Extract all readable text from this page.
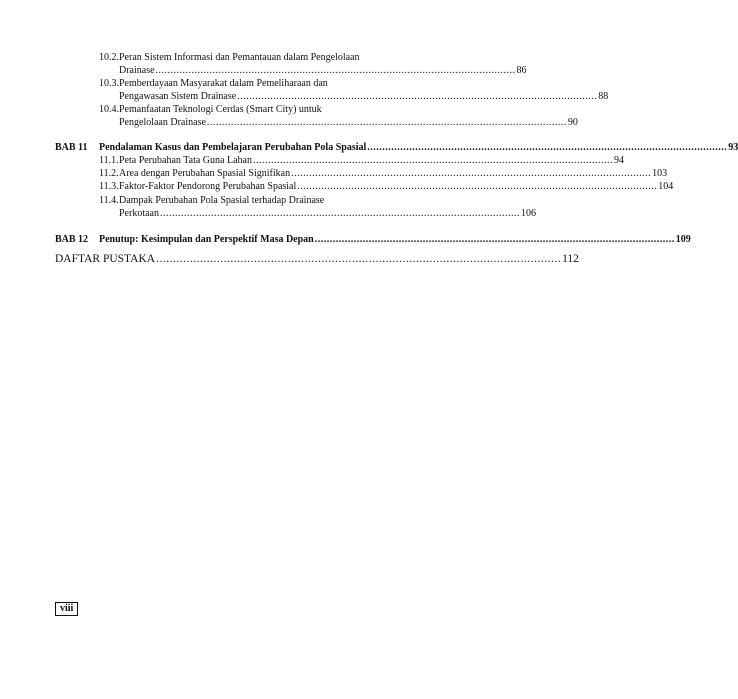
10.2. Peran Sistem Informasi dan Pemantauan dalam Pengelolaan
Drainase ........................................................................................................................ 86
10.3. Pemberdayaan Masyarakat dalam Pemeliharaan dan
Pengawasan Sistem Drainase ........................................................................................................................ 88
10.4. Pemanfaatan Teknologi Cerdas (Smart City) untuk
Pengelolaan Drainase ........................................................................................................................ 90
BAB 11 Pendalaman Kasus dan Pembelajaran Perubahan Pola Spasial ........................................................................................................................ 93
11.1. Peta Perubahan Tata Guna Lahan ........................................................................................................................ 94
11.2. Area dengan Perubahan Spasial Signifikan ........................................................................................................................ 103
11.3. Faktor-Faktor Pendorong Perubahan Spasial ........................................................................................................................ 104
11.4. Dampak Perubahan Pola Spasial terhadap Drainase
Perkotaan ........................................................................................................................ 106
BAB 12 Penutup: Kesimpulan dan Perspektif Masa Depan ........................................................................................................................ 109
DAFTAR PUSTAKA ........................................................................................................................ 112
viii
